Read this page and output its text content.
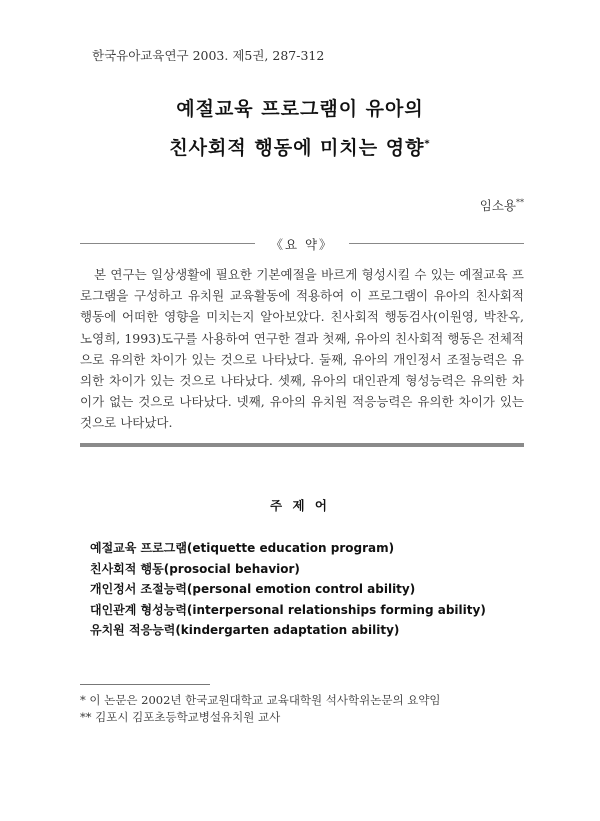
한국유아교육연구 2003. 제5권, 287-312
예절교육 프로그램이 유아의
친사회적 행동에 미치는 영향*
임소용**
《요 약》

본 연구는 일상생활에 필요한 기본예절을 바르게 형성시킬 수 있는 예절교육 프로그램을 구성하고 유치원 교육활동에 적용하여 이 프로그램이 유아의 친사회적 행동에 어떠한 영향을 미치는지 알아보았다. 친사회적 행동검사(이원영, 박찬옥, 노영희, 1993)도구를 사용하여 연구한 결과 첫째, 유아의 친사회적 행동은 전체적으로 유의한 차이가 있는 것으로 나타났다. 둘째, 유아의 개인정서 조절능력은 유의한 차이가 있는 것으로 나타났다. 셋째, 유아의 대인관계 형성능력은 유의한 차이가 없는 것으로 나타났다. 넷째, 유아의 유치원 적응능력은 유의한 차이가 있는 것으로 나타났다.

주 제 어
예절교육 프로그램(etiquette education program)
친사회적 행동(prosocial behavior)
개인정서 조절능력(personal emotion control ability)
대인관계 형성능력(interpersonal relationships forming ability)
유치원 적응능력(kindergarten adaptation ability)
* 이 논문은 2002년 한국교원대학교 교육대학원 석사학위논문의 요약임
** 김포시 김포초등학교병설유치원 교사
